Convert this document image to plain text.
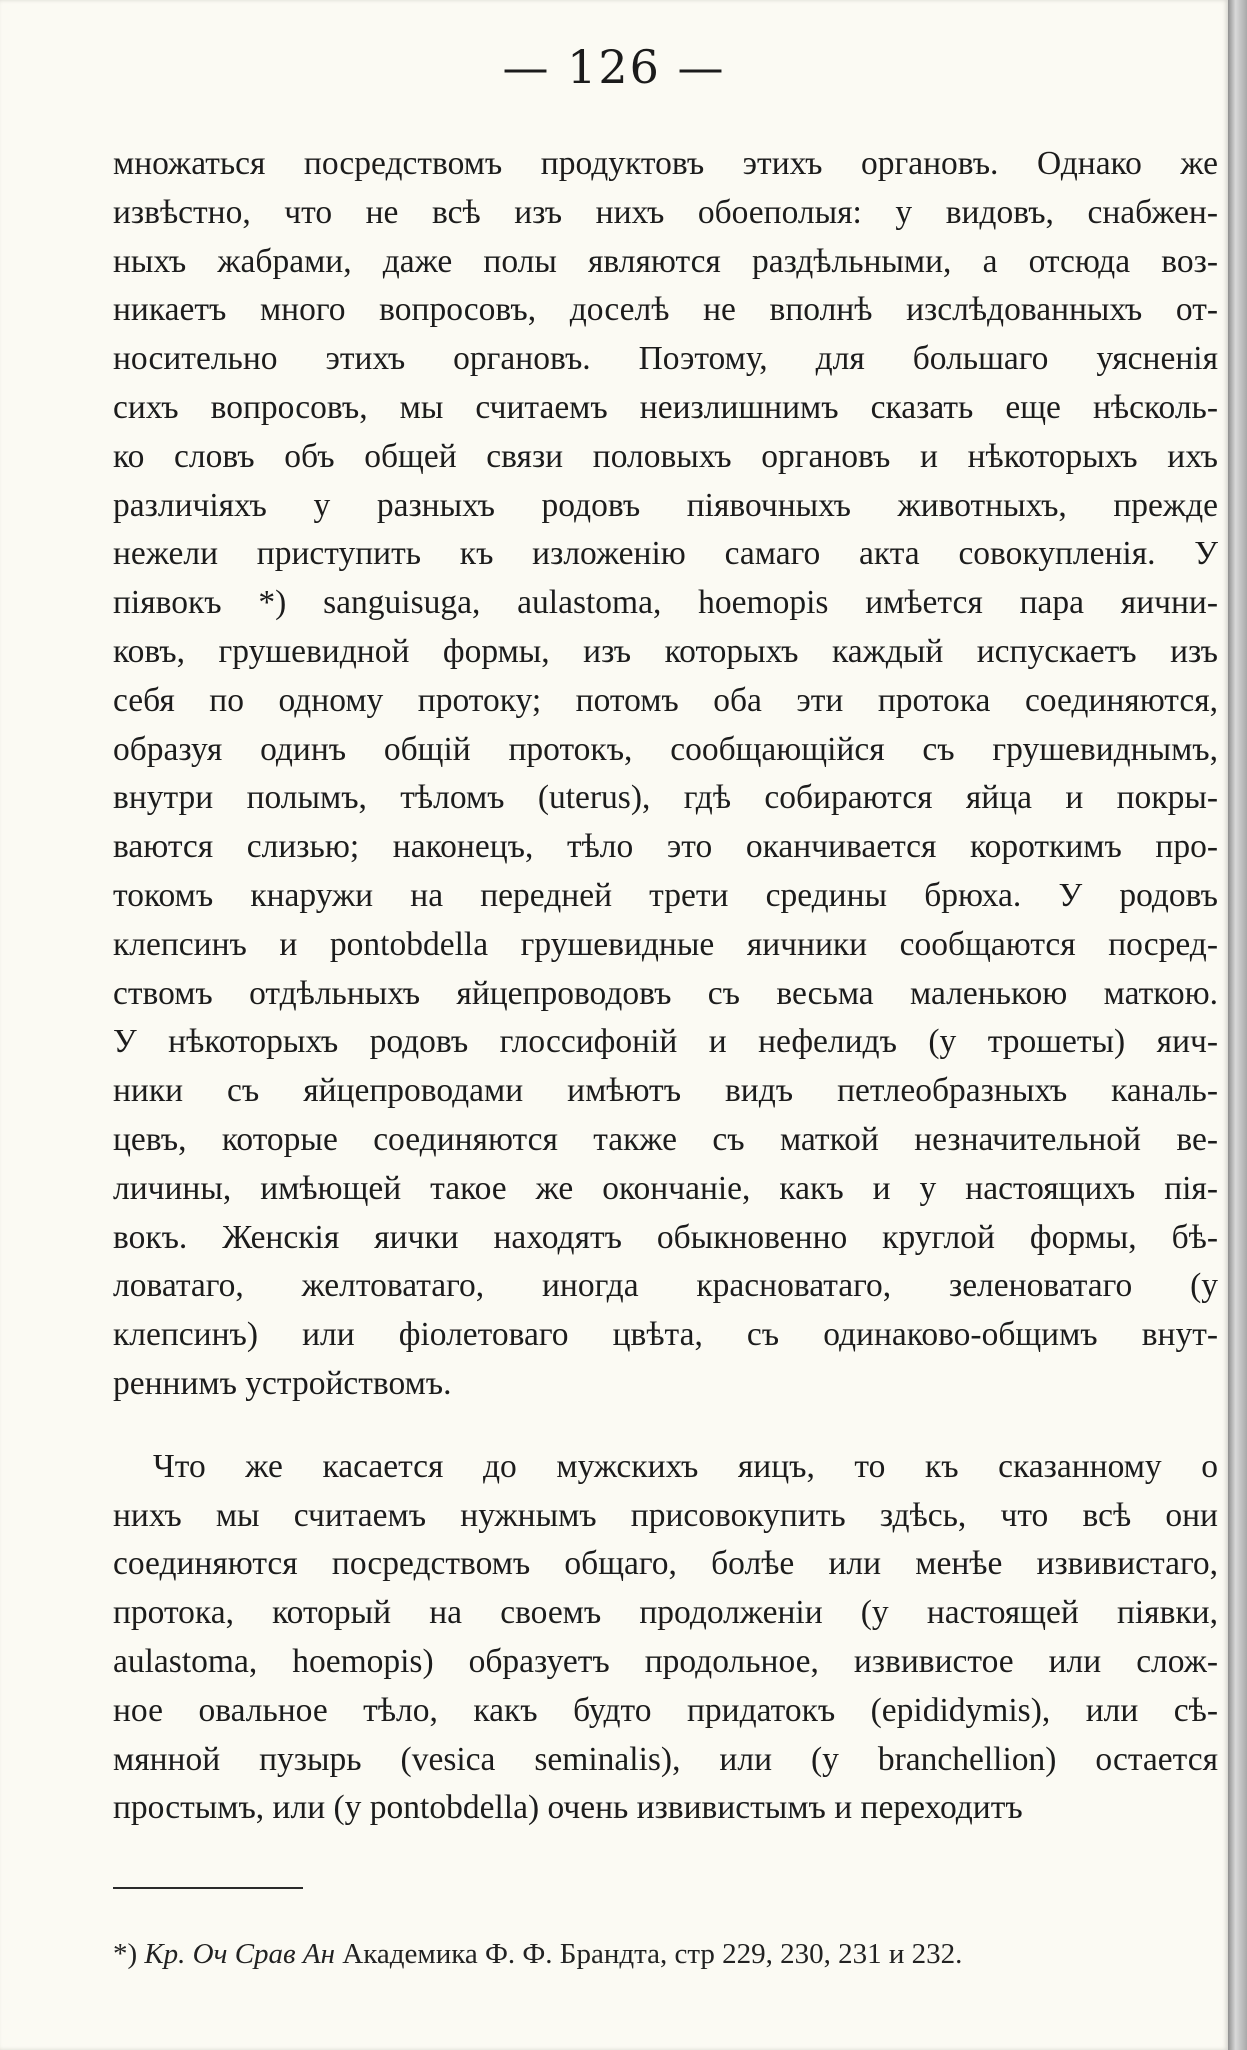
— 126 —
множаться посредствомъ продуктовъ этихъ органовъ. Однако же
извѣстно, что не всѣ изъ нихъ обоеполыя: у видовъ, снабжен-
ныхъ жабрами, даже полы являются раздѣльными, а отсюда воз-
никаетъ много вопросовъ, доселѣ не вполнѣ изслѣдованныхъ от-
носительно этихъ органовъ. Поэтому, для большаго уясненія
сихъ вопросовъ, мы считаемъ неизлишнимъ сказать еще нѣсколь-
ко словъ объ общей связи половыхъ органовъ и нѣкоторыхъ ихъ
различіяхъ у разныхъ родовъ піявочныхъ животныхъ, прежде
нежели приступить къ изложенію самаго акта совокупленія. У
піявокъ *) sanguisuga, aulastoma, hoemopis имѣется пара яични-
ковъ, грушевидной формы, изъ которыхъ каждый испускаетъ изъ
себя по одному протоку; потомъ оба эти протока соединяются,
образуя одинъ общій протокъ, сообщающійся съ грушевиднымъ,
внутри полымъ, тѣломъ (uterus), гдѣ собираются яйца и покры-
ваются слизью; наконецъ, тѣло это оканчивается короткимъ про-
токомъ кнаружи на передней трети средины брюха. У родовъ
клепсинъ и pontobdella грушевидные яичники сообщаются посред-
ствомъ отдѣльныхъ яйцепроводовъ съ весьма маленькою маткою.
У нѣкоторыхъ родовъ глоссифоній и нефелидъ (у трошеты) яич-
ники съ яйцепроводами имѣютъ видъ петлеобразныхъ каналь-
цевъ, которые соединяются также съ маткой незначительной ве-
личины, имѣющей такое же окончаніе, какъ и у настоящихъ пія-
вокъ. Женскія яички находятъ обыкновенно круглой формы, бѣ-
ловатаго, желтоватаго, иногда красноватаго, зеленоватаго (у
клепсинъ) или фіолетоваго цвѣта, съ одинаково-общимъ внут-
реннимъ устройствомъ.
Что же касается до мужскихъ яицъ, то къ сказанному о
нихъ мы считаемъ нужнымъ присовокупить здѣсь, что всѣ они
соединяются посредствомъ общаго, болѣе или менѣе извивистаго,
протока, который на своемъ продолженіи (у настоящей піявки,
aulastoma, hoemopis) образуетъ продольное, извивистое или слож-
ное овальное тѣло, какъ будто придатокъ (epididymis), или сѣ-
мянной пузырь (vesica seminalis), или (у branchellion) остается
простымъ, или (у pontobdella) очень извивистымъ и переходитъ
*) Кр. Оч Срав Ан Академика Ф. Ф. Брандта, стр 229, 230, 231 и 232.
